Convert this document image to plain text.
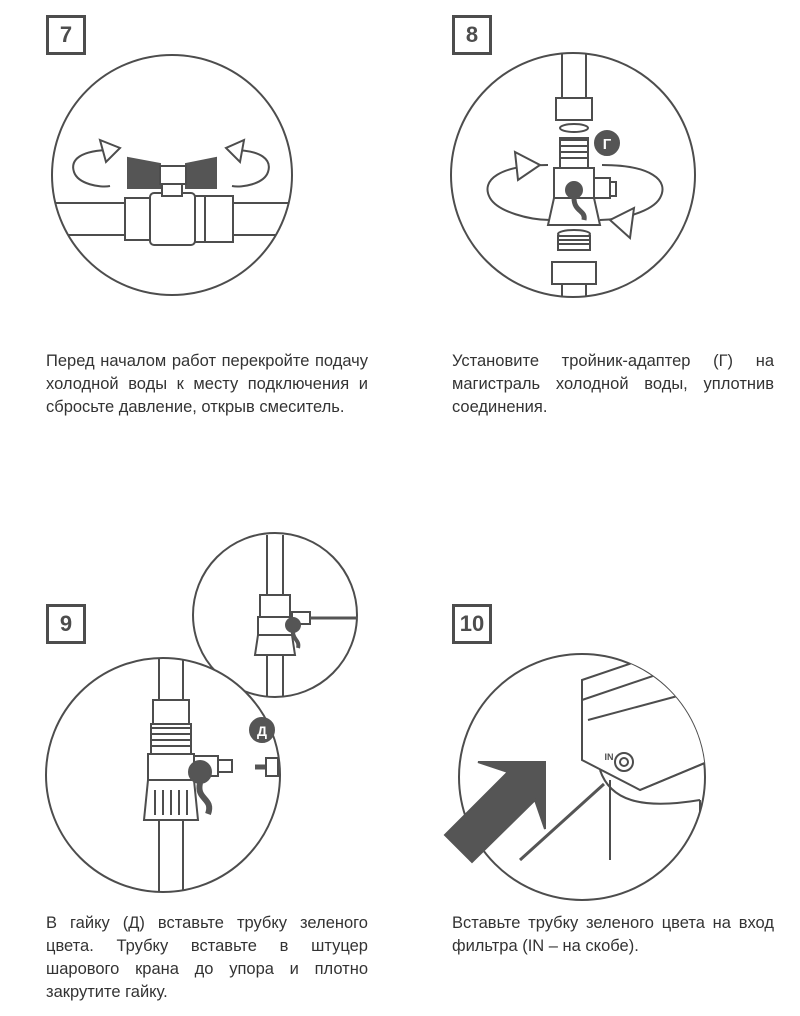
Г
Д
IN
7	8
9	10

Перед началом работ перекройте подачу холодной воды к месту подключения и сбросьте давление, открыв смеситель.

Установите тройник-адаптер (Г) на магистраль холодной воды, уплотнив соединения.

В гайку (Д) вставьте трубку зеленого цвета. Трубку вставьте в штуцер шарового крана до упора и плотно закрутите гайку.

Вставьте трубку зеленого цвета на вход фильтра (IN – на скобе).
